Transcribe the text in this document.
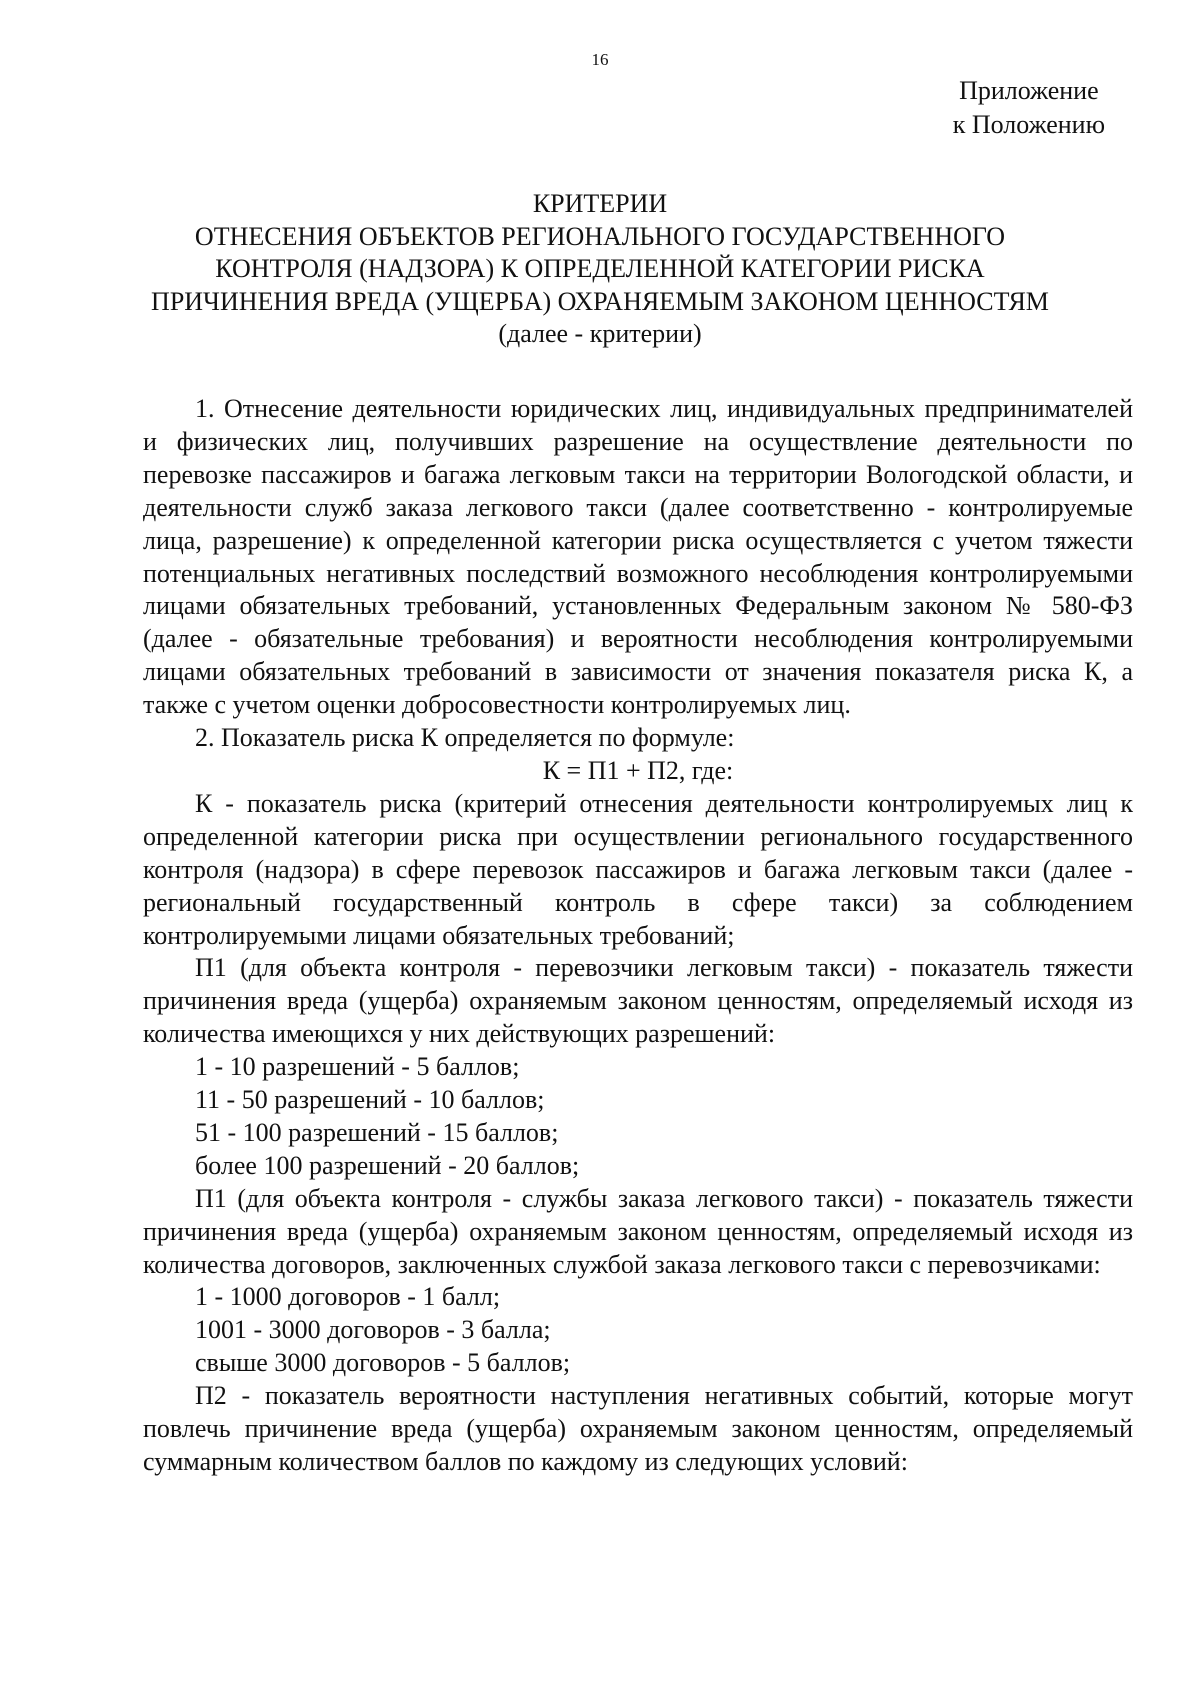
16
Приложение
к Положению
КРИТЕРИИ
ОТНЕСЕНИЯ ОБЪЕКТОВ РЕГИОНАЛЬНОГО ГОСУДАРСТВЕННОГО
КОНТРОЛЯ (НАДЗОРА) К ОПРЕДЕЛЕННОЙ КАТЕГОРИИ РИСКА
ПРИЧИНЕНИЯ ВРЕДА (УЩЕРБА) ОХРАНЯЕМЫМ ЗАКОНОМ ЦЕННОСТЯМ
(далее - критерии)

1. Отнесение деятельности юридических лиц, индивидуальных предпринимателей и физических лиц, получивших разрешение на осуществление деятельности по перевозке пассажиров и багажа легковым такси на территории Вологодской области, и деятельности служб заказа легкового такси (далее соответственно - контролируемые лица, разрешение) к определенной категории риска осуществляется с учетом тяжести потенциальных негативных последствий возможного несоблюдения контролируемыми лицами обязательных требований, установленных Федеральным законом № 580-ФЗ (далее - обязательные требования) и вероятности несоблюдения контролируемыми лицами обязательных требований в зависимости от значения показателя риска К, а также с учетом оценки добросовестности контролируемых лиц.

2. Показатель риска К определяется по формуле:

К = П1 + П2, где:

К - показатель риска (критерий отнесения деятельности контролируемых лиц к определенной категории риска при осуществлении регионального государственного контроля (надзора) в сфере перевозок пассажиров и багажа легковым такси (далее - региональный государственный контроль в сфере такси) за соблюдением контролируемыми лицами обязательных требований;

П1 (для объекта контроля - перевозчики легковым такси) - показатель тяжести причинения вреда (ущерба) охраняемым законом ценностям, определяемый исходя из количества имеющихся у них действующих разрешений:

1 - 10 разрешений - 5 баллов;

11 - 50 разрешений - 10 баллов;

51 - 100 разрешений - 15 баллов;

более 100 разрешений - 20 баллов;

П1 (для объекта контроля - службы заказа легкового такси) - показатель тяжести причинения вреда (ущерба) охраняемым законом ценностям, определяемый исходя из количества договоров, заключенных службой заказа легкового такси с перевозчиками:

1 - 1000 договоров - 1 балл;

1001 - 3000 договоров - 3 балла;

свыше 3000 договоров - 5 баллов;

П2 - показатель вероятности наступления негативных событий, которые могут повлечь причинение вреда (ущерба) охраняемым законом ценностям, определяемый суммарным количеством баллов по каждому из следующих условий:
